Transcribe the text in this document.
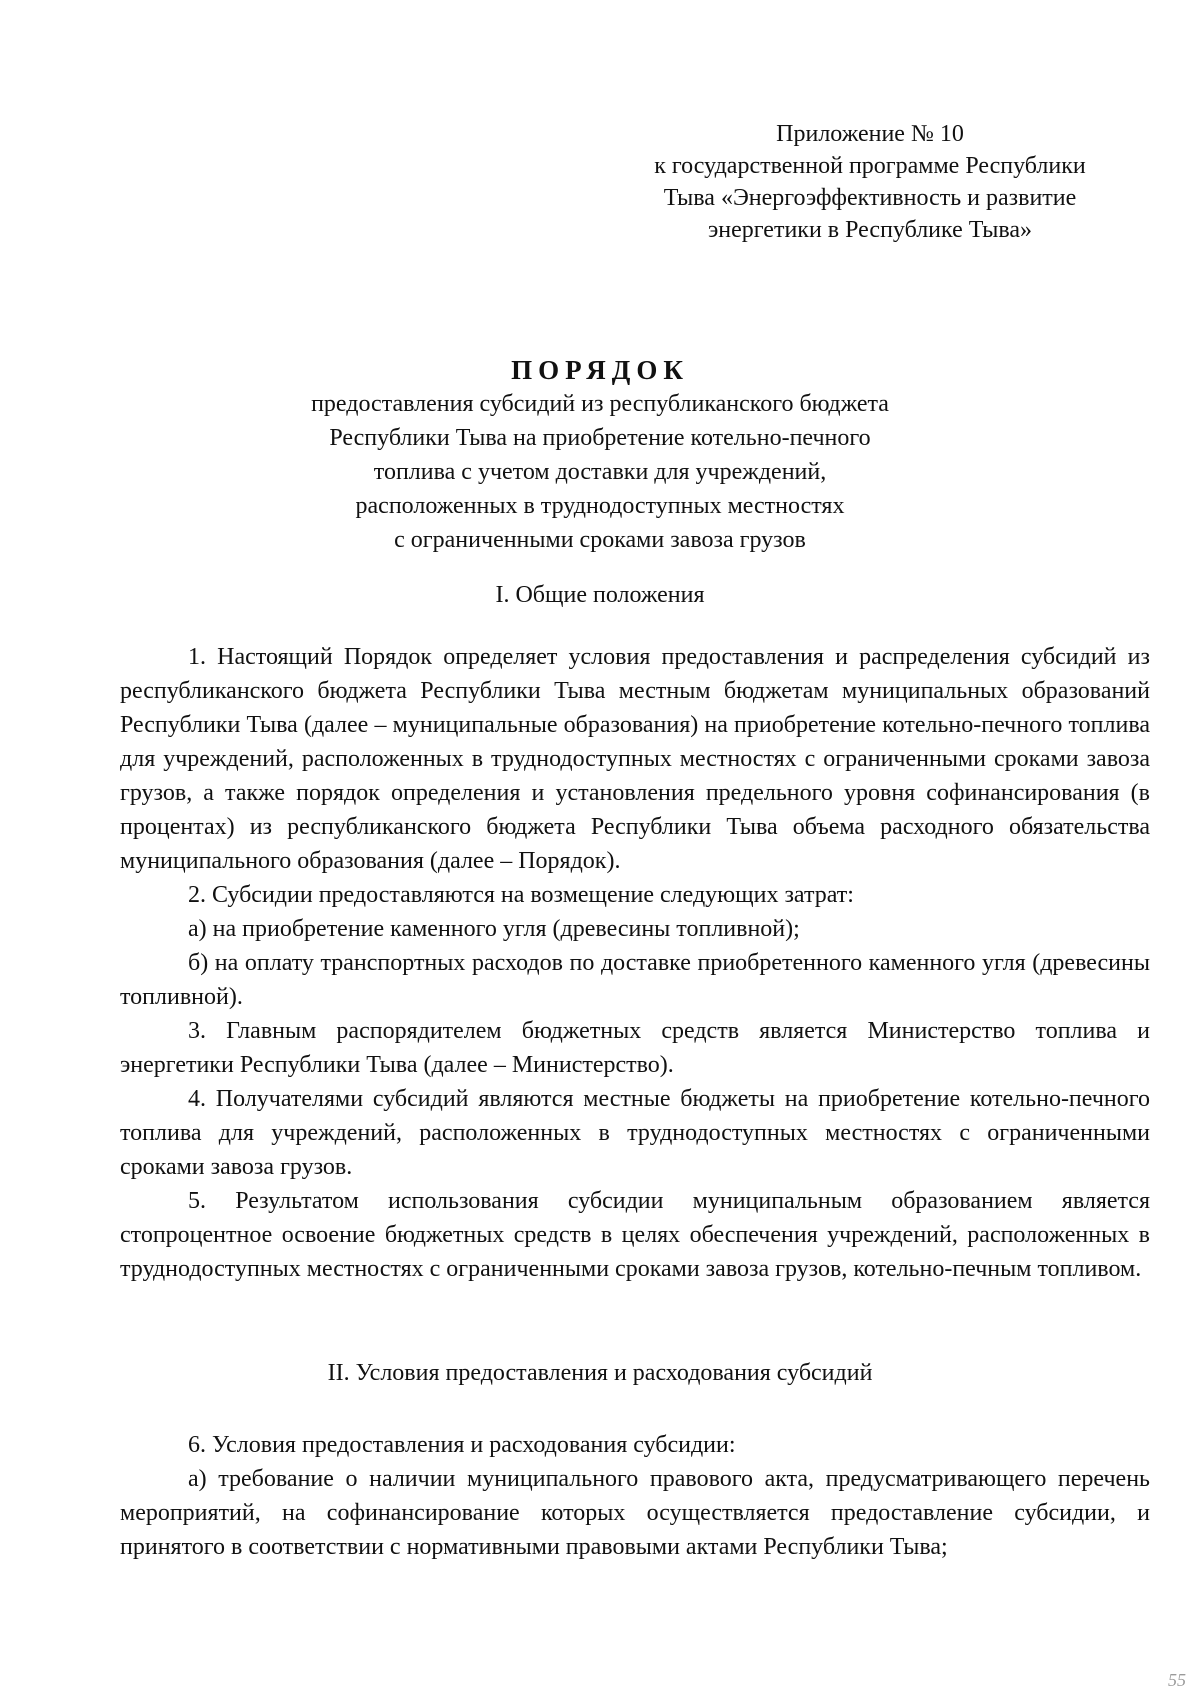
Приложение № 10
к государственной программе Республики
Тыва «Энергоэффективность и развитие
энергетики в Республике Тыва»
ПОРЯДОК
предоставления субсидий из республиканского бюджета
Республики Тыва на приобретение котельно-печного
топлива с учетом доставки для учреждений,
расположенных в труднодоступных местностях
с ограниченными сроками завоза грузов
I. Общие положения

1. Настоящий Порядок определяет условия предоставления и распределения субсидий из республиканского бюджета Республики Тыва местным бюджетам муниципальных образований Республики Тыва (далее – муниципальные образования) на приобретение котельно-печного топлива для учреждений, расположенных в труднодоступных местностях с ограниченными сроками завоза грузов, а также порядок определения и установления предельного уровня софинансирования (в процентах) из республиканского бюджета Республики Тыва объема расходного обязательства муниципального образования (далее – Порядок).

2. Субсидии предоставляются на возмещение следующих затрат:

а) на приобретение каменного угля (древесины топливной);

б) на оплату транспортных расходов по доставке приобретенного каменного угля (древесины топливной).

3. Главным распорядителем бюджетных средств является Министерство топлива и энергетики Республики Тыва (далее – Министерство).

4. Получателями субсидий являются местные бюджеты на приобретение котельно-печного топлива для учреждений, расположенных в труднодоступных местностях с ограниченными сроками завоза грузов.

5. Результатом использования субсидии муниципальным образованием является стопроцентное освоение бюджетных средств в целях обеспечения учреждений, расположенных в труднодоступных местностях с ограниченными сроками завоза грузов, котельно-печным топливом.

II. Условия предоставления и расходования субсидий

6. Условия предоставления и расходования субсидии:

а) требование о наличии муниципального правового акта, предусматривающего перечень мероприятий, на софинансирование которых осуществляется предоставление субсидии, и принятого в соответствии с нормативными правовыми актами Республики Тыва;

55
